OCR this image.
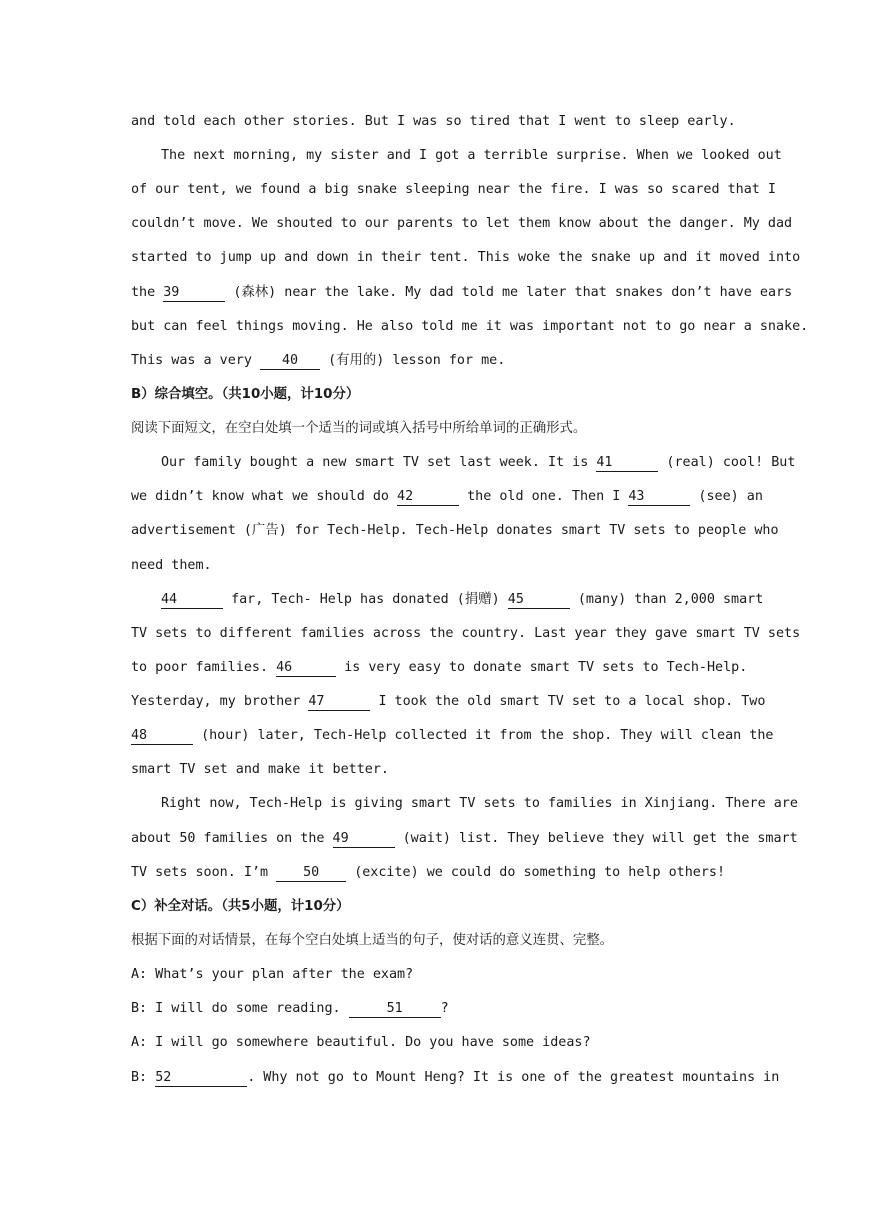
and told each other stories. But I was so tired that I went to sleep early.
The next morning, my sister and I got a terrible surprise. When we looked out
of our tent, we found a big snake sleeping near the fire. I was so scared that I
couldn’t move. We shouted to our parents to let them know about the danger. My dad
started to jump up and down in their tent. This woke the snake up and it moved into
the 39	(森林) near the lake. My dad told me later that snakes don’t have ears
but can feel things moving. He also told me it was important not to go near a snake.
This was a very 40 (有用的) lesson for me.
B）综合填空。（共10小题，计10分）
阅读下面短文，在空白处填一个适当的词或填入括号中所给单词的正确形式。
Our family bought a new smart TV set last week. It is 41	(real) cool! But
we didn’t know what we should do 42	the old one. Then I 43	(see) an
advertisement (广告) for Tech-Help. Tech-Help donates smart TV sets to people who
need them.
44	far, Tech- Help has donated (捐赠) 45	(many) than 2,000 smart
TV sets to different families across the country. Last year they gave smart TV sets
to poor families. 46	is very easy to donate smart TV sets to Tech-Help.
Yesterday, my brother 47	I took the old smart TV set to a local shop. Two
48	(hour) later, Tech-Help collected it from the shop. They will clean the
smart TV set and make it better.
Right now, Tech-Help is giving smart TV sets to families in Xinjiang. There are
about 50 families on the 49	(wait) list. They believe they will get the smart
TV sets soon. I’m	50	(excite) we could do something to help others!
C）补全对话。（共5小题，计10分）
根据下面的对话情景，在每个空白处填上适当的句子，使对话的意义连贯、完整。
A: What’s your plan after the exam?
B: I will do some reading.	51	?
A: I will go somewhere beautiful. Do you have some ideas?
B: 52	. Why not go to Mount Heng? It is one of the greatest mountains in
